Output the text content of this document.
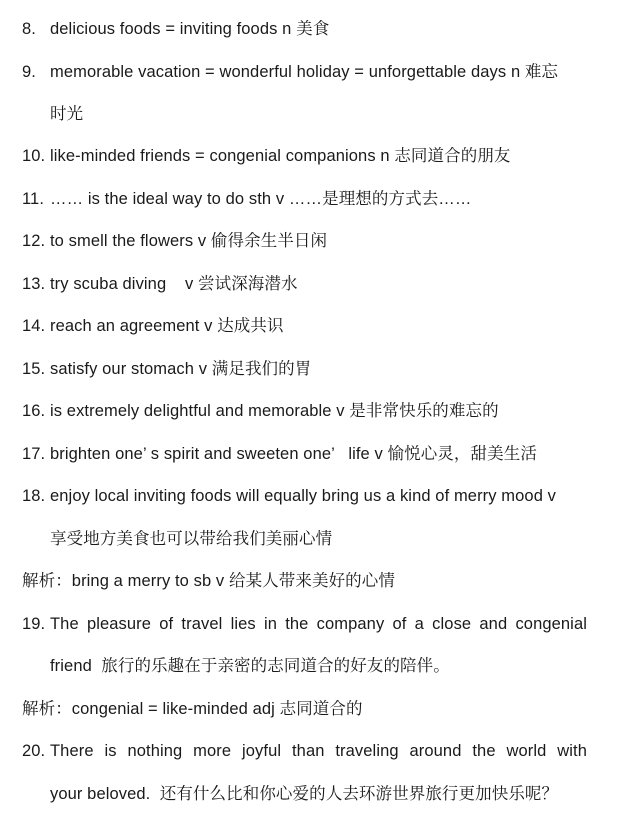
8. delicious foods = inviting foods n 美食
9. memorable vacation = wonderful holiday = unforgettable days n 难忘
时光
10. like-minded friends = congenial companions n 志同道合的朋友
11. …… is the ideal way to do sth v ……是理想的方式去……
12. to smell the flowers v 偷得余生半日闲
13. try scuba diving    v 尝试深海潜水
14. reach an agreement v 达成共识
15. satisfy our stomach v 满足我们的胃
16. is extremely delightful and memorable v 是非常快乐的难忘的
17. brighten one’ s spirit and sweeten one’   life v 愉悦心灵，甜美生活
18. enjoy local inviting foods will equally bring us a kind of merry mood v
享受地方美食也可以带给我们美丽心情
解析：bring a merry to sb v 给某人带来美好的心情
19. The pleasure of travel lies in the company of a close and congenial
friend  旅行的乐趣在于亲密的志同道合的好友的陪伴。
解析：congenial = like-minded adj 志同道合的
20. There is nothing more joyful than traveling around the world with
your beloved.  还有什么比和你心爱的人去环游世界旅行更加快乐呢？
